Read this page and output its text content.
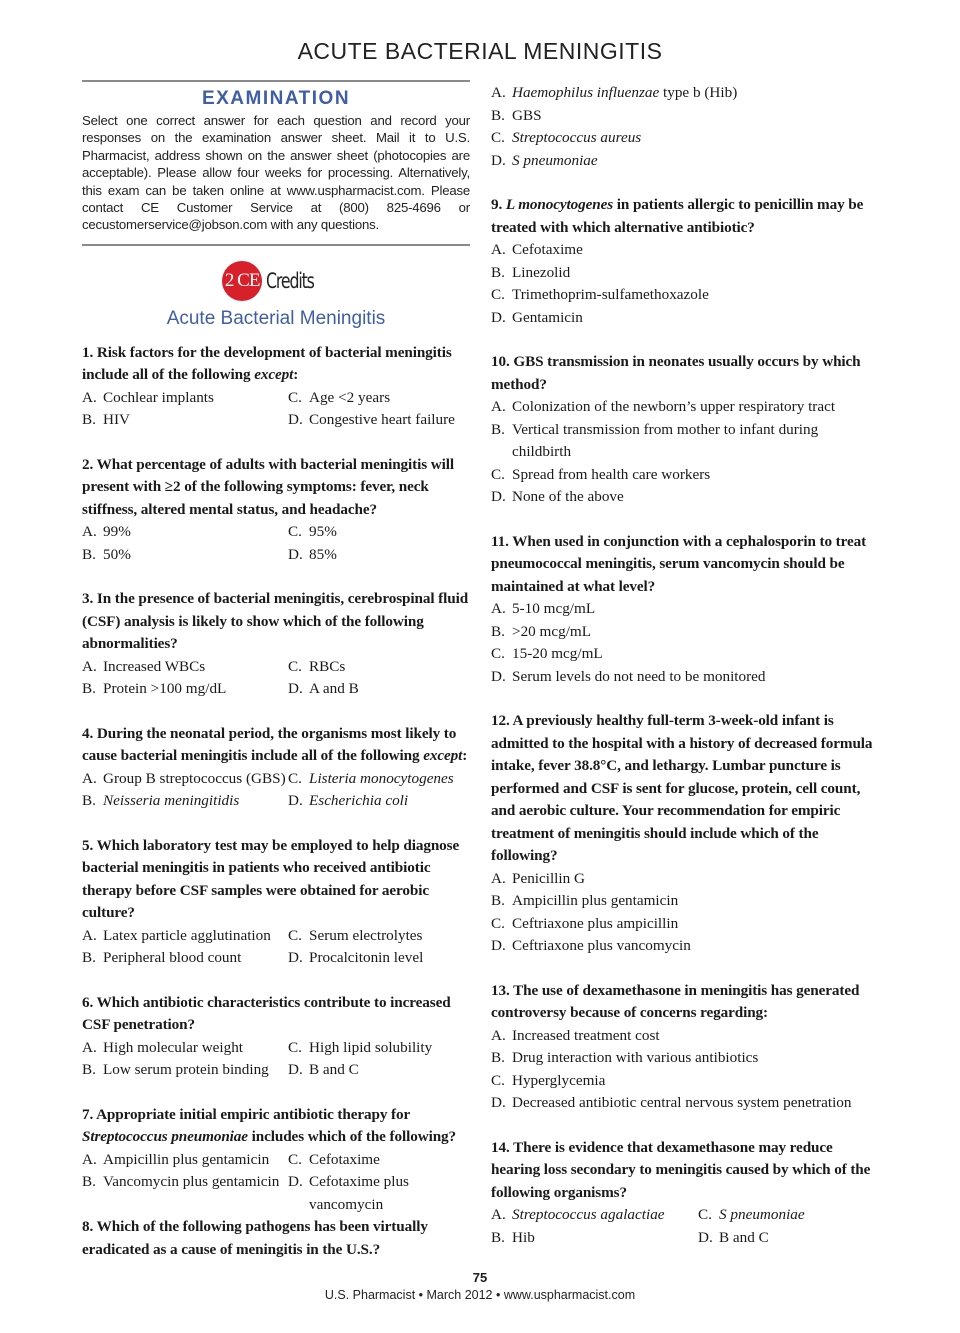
ACUTE BACTERIAL MENINGITIS
EXAMINATION
Select one correct answer for each question and record your responses on the examination answer sheet. Mail it to U.S. Pharmacist, address shown on the answer sheet (photocopies are acceptable). Please allow four weeks for processing. Alternatively, this exam can be taken online at www.uspharmacist.com. Please contact CE Customer Service at (800) 825-4696 or cecustomerservice@jobson.com with any questions.
2 CE Credits
Acute Bacterial Meningitis
1. Risk factors for the development of bacterial meningitis include all of the following except:
A. Cochlear implants	C. Age <2 years
B. HIV	D. Congestive heart failure
2. What percentage of adults with bacterial meningitis will present with ≥2 of the following symptoms: fever, neck stiffness, altered mental status, and headache?
A. 99%	C. 95%
B. 50%	D. 85%
3. In the presence of bacterial meningitis, cerebrospinal fluid (CSF) analysis is likely to show which of the following abnormalities?
A. Increased WBCs	C. RBCs
B. Protein >100 mg/dL	D. A and B
4. During the neonatal period, the organisms most likely to cause bacterial meningitis include all of the following except:
A. Group B streptococcus (GBS) C. Listeria monocytogenes
B. Neisseria meningitidis	D. Escherichia coli
5. Which laboratory test may be employed to help diagnose bacterial meningitis in patients who received antibiotic therapy before CSF samples were obtained for aerobic culture?
A. Latex particle agglutination	C. Serum electrolytes
B. Peripheral blood count	D. Procalcitonin level
6. Which antibiotic characteristics contribute to increased CSF penetration?
A. High molecular weight	C. High lipid solubility
B. Low serum protein binding	D. B and C
7. Appropriate initial empiric antibiotic therapy for Streptococcus pneumoniae includes which of the following?
A. Ampicillin plus gentamicin	C. Cefotaxime
B. Vancomycin plus gentamicin D. Cefotaxime plus vancomycin
8. Which of the following pathogens has been virtually eradicated as a cause of meningitis in the U.S.?
A. Haemophilus influenzae type b (Hib)
B. GBS
C. Streptococcus aureus
D. S pneumoniae
9. L monocytogenes in patients allergic to penicillin may be treated with which alternative antibiotic?
A. Cefotaxime
B. Linezolid
C. Trimethoprim-sulfamethoxazole
D. Gentamicin
10. GBS transmission in neonates usually occurs by which method?
A. Colonization of the newborn’s upper respiratory tract
B. Vertical transmission from mother to infant during childbirth
C. Spread from health care workers
D. None of the above
11. When used in conjunction with a cephalosporin to treat pneumococcal meningitis, serum vancomycin should be maintained at what level?
A. 5-10 mcg/mL
B. >20 mcg/mL
C. 15-20 mcg/mL
D. Serum levels do not need to be monitored
12. A previously healthy full-term 3-week-old infant is admitted to the hospital with a history of decreased formula intake, fever 38.8°C, and lethargy. Lumbar puncture is performed and CSF is sent for glucose, protein, cell count, and aerobic culture. Your recommendation for empiric treatment of meningitis should include which of the following?
A. Penicillin G
B. Ampicillin plus gentamicin
C. Ceftriaxone plus ampicillin
D. Ceftriaxone plus vancomycin
13. The use of dexamethasone in meningitis has generated controversy because of concerns regarding:
A. Increased treatment cost
B. Drug interaction with various antibiotics
C. Hyperglycemia
D. Decreased antibiotic central nervous system penetration
14. There is evidence that dexamethasone may reduce hearing loss secondary to meningitis caused by which of the following organisms?
A. Streptococcus agalactiae	C. S pneumoniae
B. Hib	D. B and C
75
U.S. Pharmacist • March 2012 • www.uspharmacist.com
